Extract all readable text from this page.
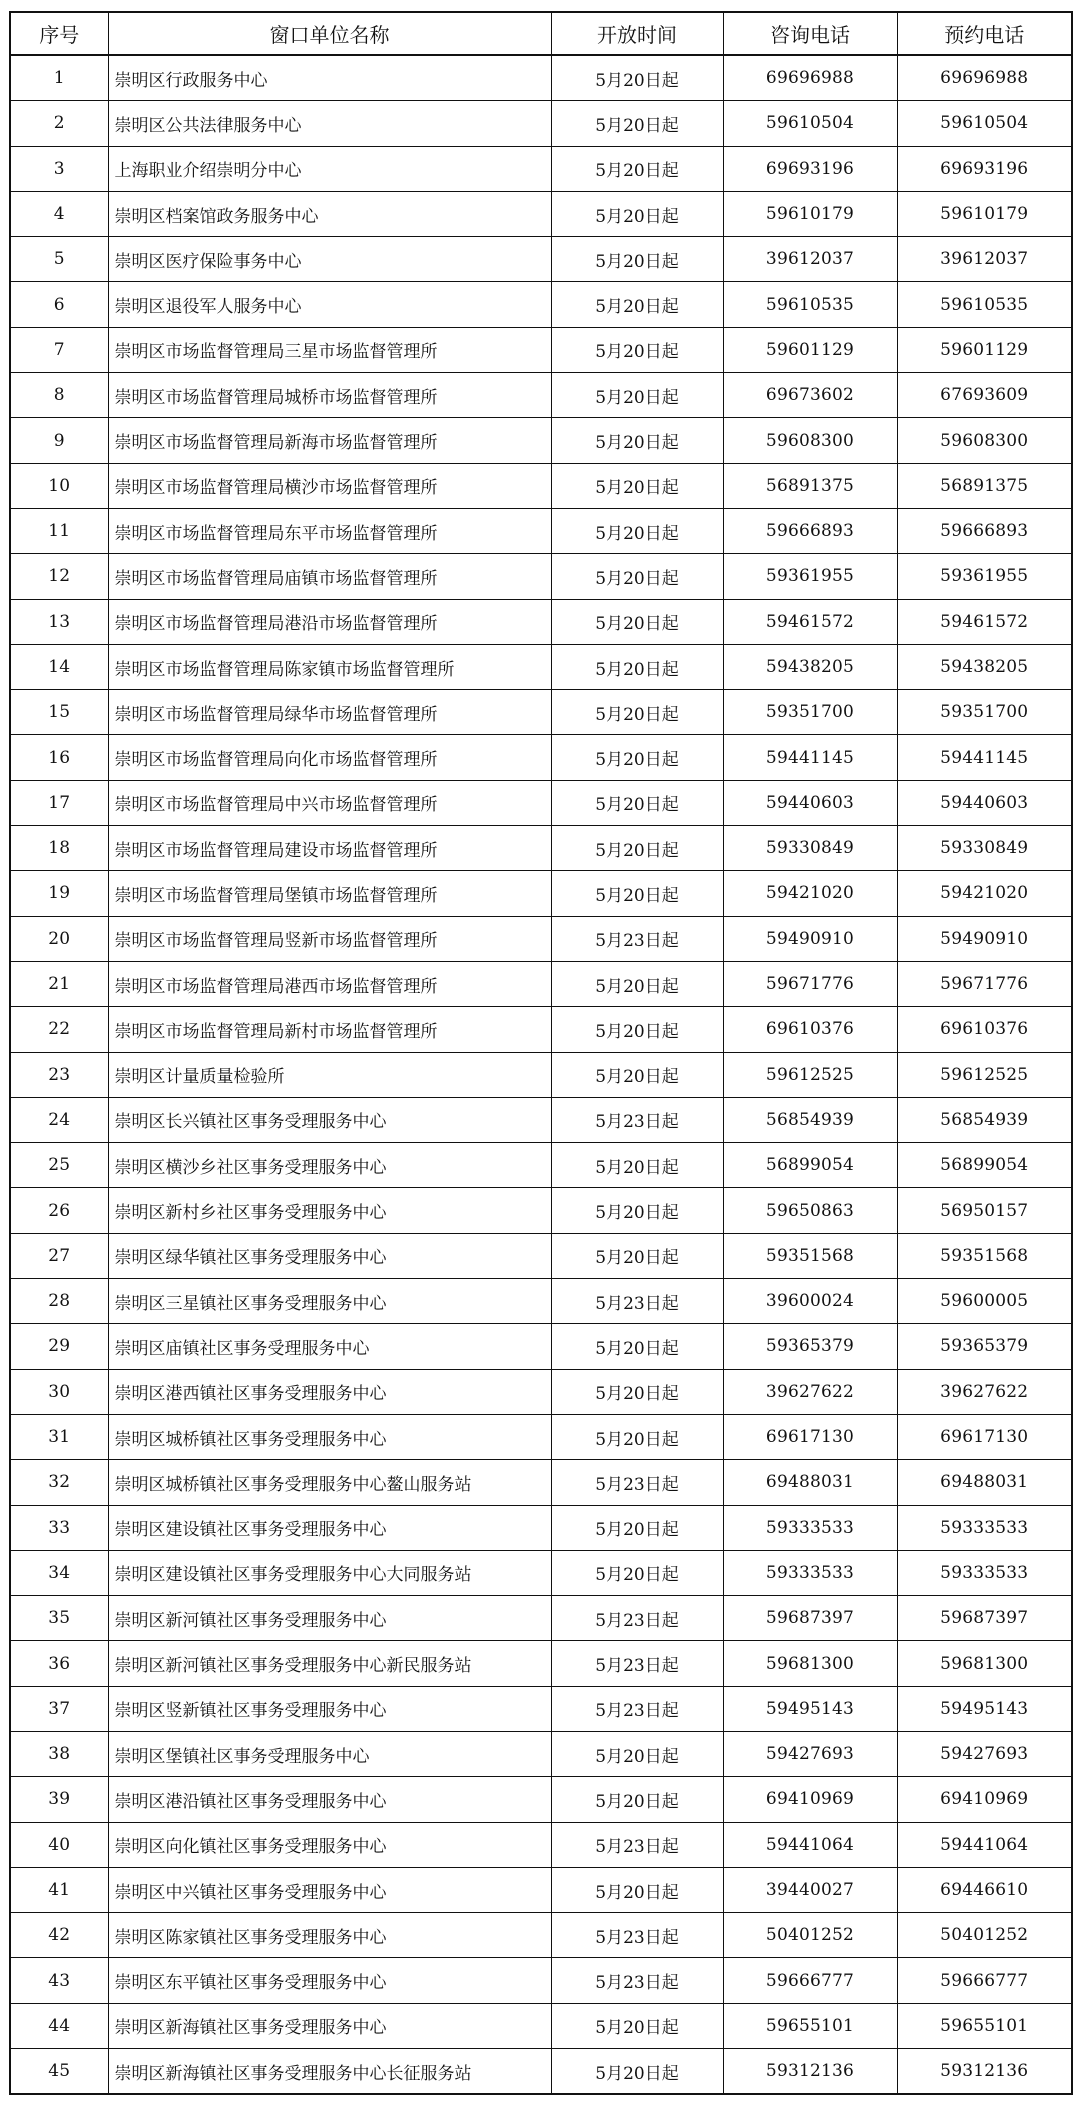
序号	窗口单位名称	开放时间	咨询电话	预约电话
1	崇明区行政服务中心	5月20日起	69696988	69696988
2	崇明区公共法律服务中心	5月20日起	59610504	59610504
3	上海职业介绍崇明分中心	5月20日起	69693196	69693196
4	崇明区档案馆政务服务中心	5月20日起	59610179	59610179
5	崇明区医疗保险事务中心	5月20日起	39612037	39612037
6	崇明区退役军人服务中心	5月20日起	59610535	59610535
7	崇明区市场监督管理局三星市场监督管理所	5月20日起	59601129	59601129
8	崇明区市场监督管理局城桥市场监督管理所	5月20日起	69673602	67693609
9	崇明区市场监督管理局新海市场监督管理所	5月20日起	59608300	59608300
10	崇明区市场监督管理局横沙市场监督管理所	5月20日起	56891375	56891375
11	崇明区市场监督管理局东平市场监督管理所	5月20日起	59666893	59666893
12	崇明区市场监督管理局庙镇市场监督管理所	5月20日起	59361955	59361955
13	崇明区市场监督管理局港沿市场监督管理所	5月20日起	59461572	59461572
14	崇明区市场监督管理局陈家镇市场监督管理所	5月20日起	59438205	59438205
15	崇明区市场监督管理局绿华市场监督管理所	5月20日起	59351700	59351700
16	崇明区市场监督管理局向化市场监督管理所	5月20日起	59441145	59441145
17	崇明区市场监督管理局中兴市场监督管理所	5月20日起	59440603	59440603
18	崇明区市场监督管理局建设市场监督管理所	5月20日起	59330849	59330849
19	崇明区市场监督管理局堡镇市场监督管理所	5月20日起	59421020	59421020
20	崇明区市场监督管理局竖新市场监督管理所	5月23日起	59490910	59490910
21	崇明区市场监督管理局港西市场监督管理所	5月20日起	59671776	59671776
22	崇明区市场监督管理局新村市场监督管理所	5月20日起	69610376	69610376
23	崇明区计量质量检验所	5月20日起	59612525	59612525
24	崇明区长兴镇社区事务受理服务中心	5月23日起	56854939	56854939
25	崇明区横沙乡社区事务受理服务中心	5月20日起	56899054	56899054
26	崇明区新村乡社区事务受理服务中心	5月20日起	59650863	56950157
27	崇明区绿华镇社区事务受理服务中心	5月20日起	59351568	59351568
28	崇明区三星镇社区事务受理服务中心	5月23日起	39600024	59600005
29	崇明区庙镇社区事务受理服务中心	5月20日起	59365379	59365379
30	崇明区港西镇社区事务受理服务中心	5月20日起	39627622	39627622
31	崇明区城桥镇社区事务受理服务中心	5月20日起	69617130	69617130
32	崇明区城桥镇社区事务受理服务中心鳌山服务站	5月23日起	69488031	69488031
33	崇明区建设镇社区事务受理服务中心	5月20日起	59333533	59333533
34	崇明区建设镇社区事务受理服务中心大同服务站	5月20日起	59333533	59333533
35	崇明区新河镇社区事务受理服务中心	5月23日起	59687397	59687397
36	崇明区新河镇社区事务受理服务中心新民服务站	5月23日起	59681300	59681300
37	崇明区竖新镇社区事务受理服务中心	5月23日起	59495143	59495143
38	崇明区堡镇社区事务受理服务中心	5月20日起	59427693	59427693
39	崇明区港沿镇社区事务受理服务中心	5月20日起	69410969	69410969
40	崇明区向化镇社区事务受理服务中心	5月23日起	59441064	59441064
41	崇明区中兴镇社区事务受理服务中心	5月20日起	39440027	69446610
42	崇明区陈家镇社区事务受理服务中心	5月23日起	50401252	50401252
43	崇明区东平镇社区事务受理服务中心	5月23日起	59666777	59666777
44	崇明区新海镇社区事务受理服务中心	5月20日起	59655101	59655101
45	崇明区新海镇社区事务受理服务中心长征服务站	5月20日起	59312136	59312136
